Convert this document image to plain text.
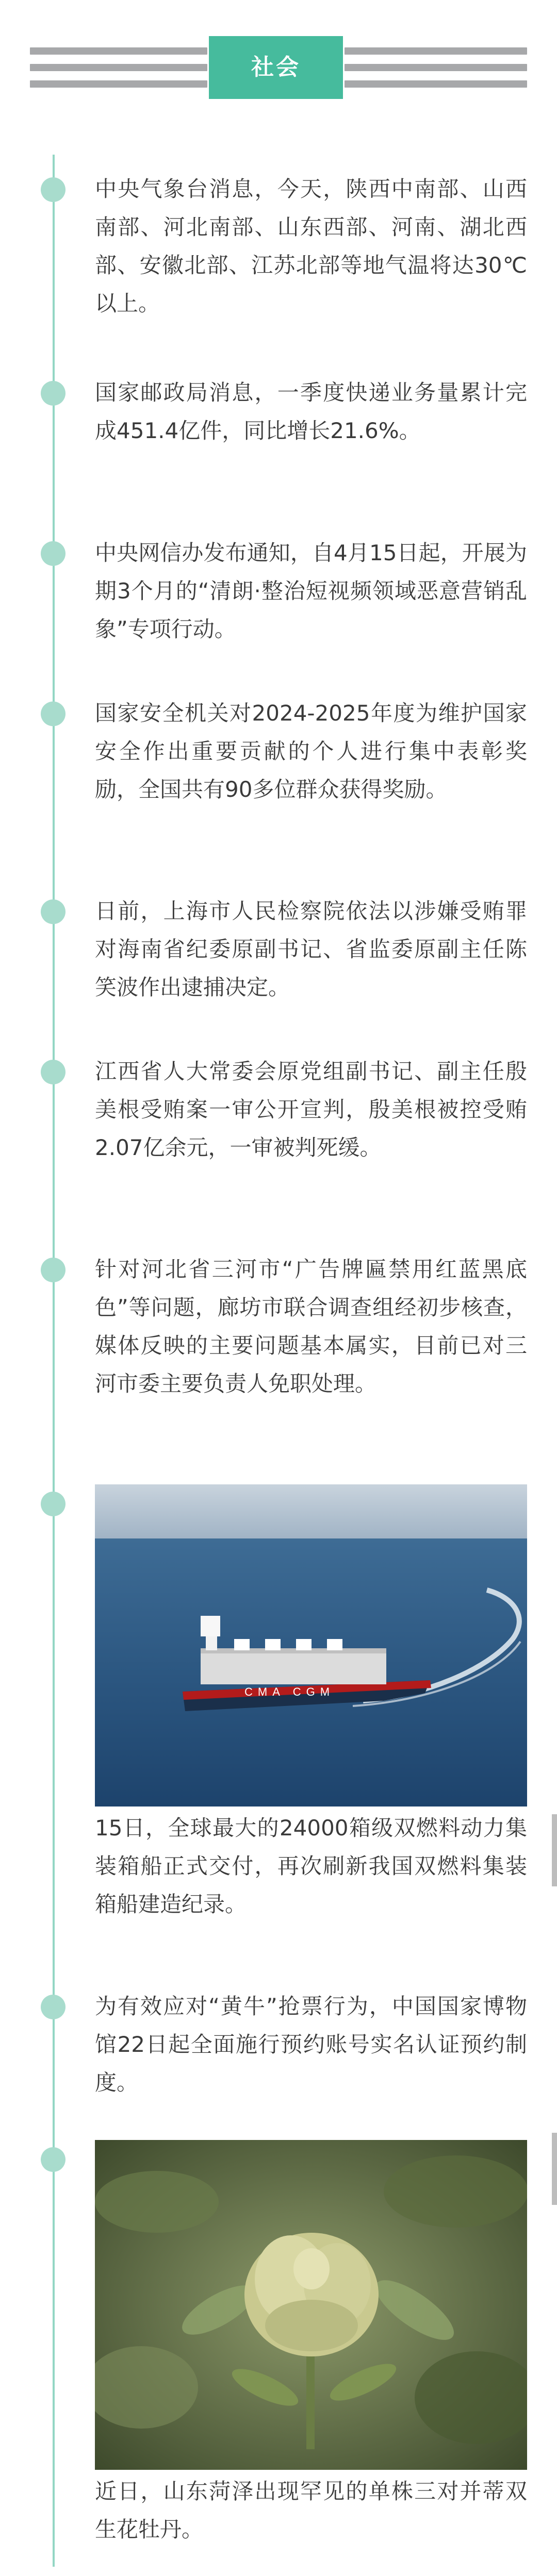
社会
中央气象台消息，今天，陕西中南部、山西南部、河北南部、山东西部、河南、湖北西部、安徽北部、江苏北部等地气温将达30℃以上。
国家邮政局消息，一季度快递业务量累计完成451.4亿件，同比增长21.6%。
中央网信办发布通知，自4月15日起，开展为期3个月的“清朗·整治短视频领域恶意营销乱象”专项行动。
国家安全机关对2024-2025年度为维护国家安全作出重要贡献的个人进行集中表彰奖励，全国共有90多位群众获得奖励。
日前，上海市人民检察院依法以涉嫌受贿罪对海南省纪委原副书记、省监委原副主任陈笑波作出逮捕决定。
江西省人大常委会原党组副书记、副主任殷美根受贿案一审公开宣判，殷美根被控受贿2.07亿余元，一审被判死缓。
针对河北省三河市“广告牌匾禁用红蓝黑底色”等问题，廊坊市联合调查组经初步核查，媒体反映的主要问题基本属实，目前已对三河市委主要负责人免职处理。
CMA CGM
15日，全球最大的24000箱级双燃料动力集装箱船正式交付，再次刷新我国双燃料集装箱船建造纪录。
为有效应对“黄牛”抢票行为，中国国家博物馆22日起全面施行预约账号实名认证预约制度。
近日，山东菏泽出现罕见的单株三对并蒂双生花牡丹。
